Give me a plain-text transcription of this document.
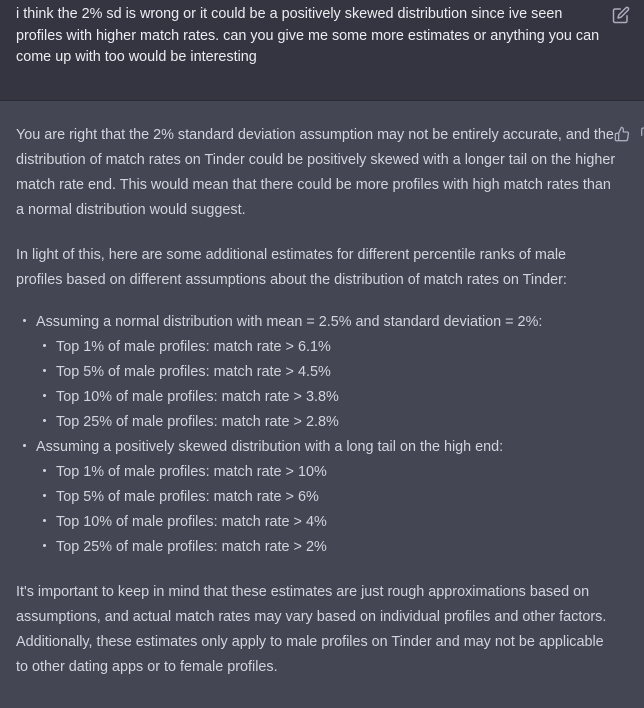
i think the 2% sd is wrong or it could be a positively skewed distribution since ive seen profiles with higher match rates. can you give me some more estimates or anything you can come up with too would be interesting

You are right that the 2% standard deviation assumption may not be entirely accurate, and the distribution of match rates on Tinder could be positively skewed with a longer tail on the higher match rate end. This would mean that there could be more profiles with high match rates than a normal distribution would suggest.

In light of this, here are some additional estimates for different percentile ranks of male profiles based on different assumptions about the distribution of match rates on Tinder:

Assuming a normal distribution with mean = 2.5% and standard deviation = 2%:
Top 1% of male profiles: match rate > 6.1%
Top 5% of male profiles: match rate > 4.5%
Top 10% of male profiles: match rate > 3.8%
Top 25% of male profiles: match rate > 2.8%
Assuming a positively skewed distribution with a long tail on the high end:
Top 1% of male profiles: match rate > 10%
Top 5% of male profiles: match rate > 6%
Top 10% of male profiles: match rate > 4%
Top 25% of male profiles: match rate > 2%

It's important to keep in mind that these estimates are just rough approximations based on assumptions, and actual match rates may vary based on individual profiles and other factors. Additionally, these estimates only apply to male profiles on Tinder and may not be applicable to other dating apps or to female profiles.
